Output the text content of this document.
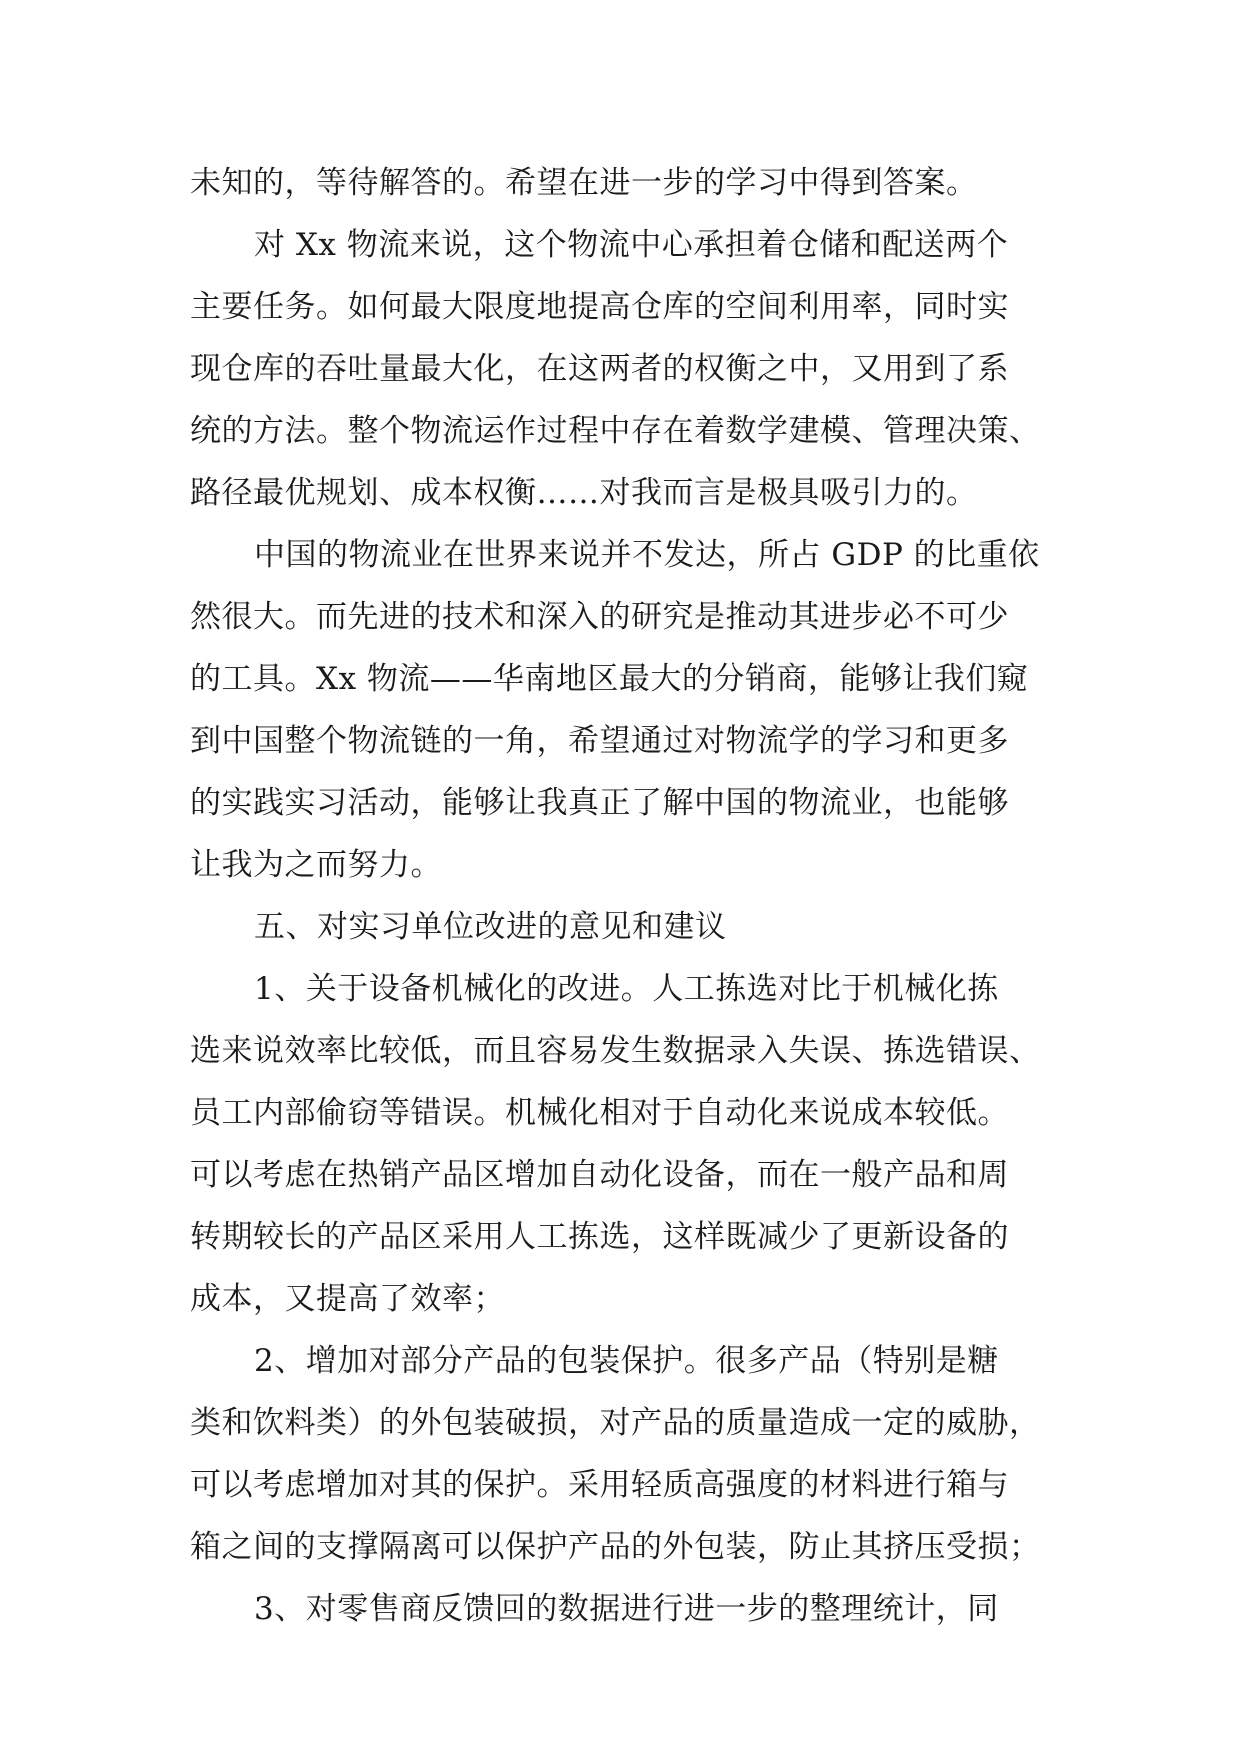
未知的，等待解答的。希望在进一步的学习中得到答案。
对 Xx 物流来说，这个物流中心承担着仓储和配送两个
主要任务。如何最大限度地提高仓库的空间利用率，同时实
现仓库的吞吐量最大化，在这两者的权衡之中，又用到了系
统的方法。整个物流运作过程中存在着数学建模、管理决策、
路径最优规划、成本权衡……对我而言是极具吸引力的。
中国的物流业在世界来说并不发达，所占 GDP 的比重依
然很大。而先进的技术和深入的研究是推动其进步必不可少
的工具。Xx 物流——华南地区最大的分销商，能够让我们窥
到中国整个物流链的一角，希望通过对物流学的学习和更多
的实践实习活动，能够让我真正了解中国的物流业，也能够
让我为之而努力。
五、对实习单位改进的意见和建议
1、关于设备机械化的改进。人工拣选对比于机械化拣
选来说效率比较低，而且容易发生数据录入失误、拣选错误、
员工内部偷窃等错误。机械化相对于自动化来说成本较低。
可以考虑在热销产品区增加自动化设备，而在一般产品和周
转期较长的产品区采用人工拣选，这样既减少了更新设备的
成本，又提高了效率；
2、增加对部分产品的包装保护。很多产品（特别是糖
类和饮料类）的外包装破损，对产品的质量造成一定的威胁，
可以考虑增加对其的保护。采用轻质高强度的材料进行箱与
箱之间的支撑隔离可以保护产品的外包装，防止其挤压受损；
3、对零售商反馈回的数据进行进一步的整理统计，同
